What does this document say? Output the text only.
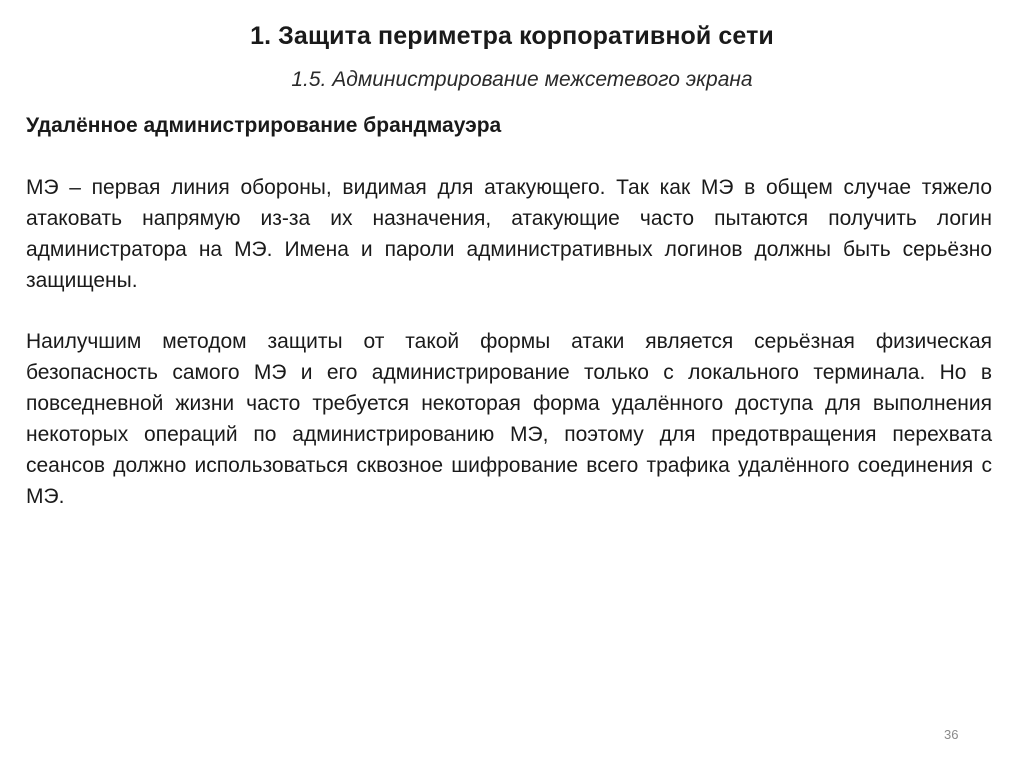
1. Защита периметра корпоративной сети
1.5. Администрирование межсетевого экрана
Удалённое администрирование брандмауэра

МЭ – первая линия обороны, видимая для атакующего. Так как МЭ в общем случае тяжело атаковать напрямую из-за их назначения, атакующие часто пытаются получить логин администратора на МЭ. Имена и пароли административных логинов должны быть серьёзно защищены.

Наилучшим методом защиты от такой формы атаки является серьёзная физическая безопасность самого МЭ и его администрирование только с локального терминала. Но в повседневной жизни часто требуется некоторая форма удалённого доступа для выполнения некоторых операций по администрированию МЭ, поэтому для предотвращения перехвата сеансов должно использоваться сквозное шифрование всего трафика удалённого соединения с МЭ.

36
